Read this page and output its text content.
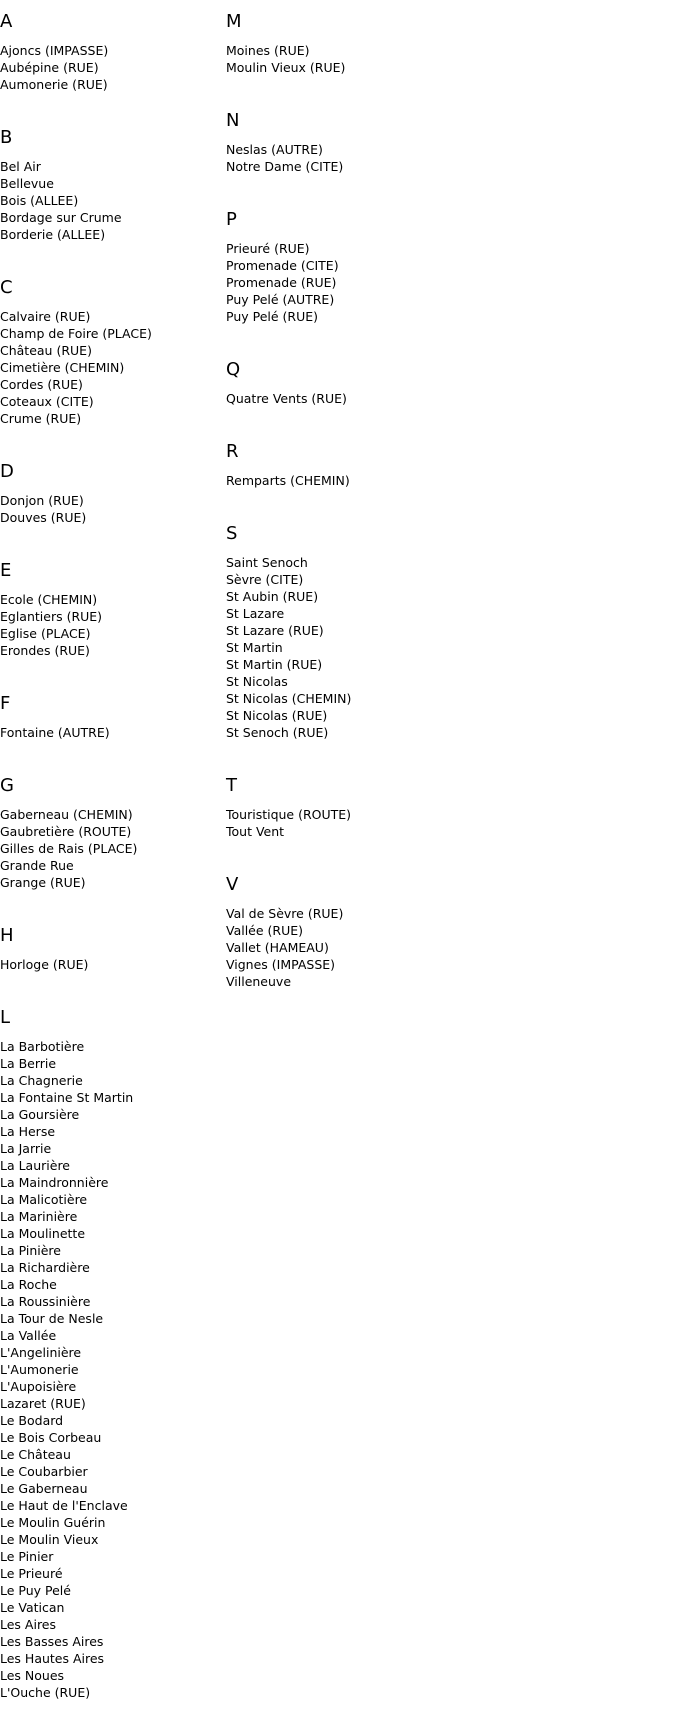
A
Ajoncs (IMPASSE)
Aubépine (RUE)
Aumonerie (RUE)
B
Bel Air
Bellevue
Bois (ALLEE)
Bordage sur Crume
Borderie (ALLEE)
C
Calvaire (RUE)
Champ de Foire (PLACE)
Château (RUE)
Cimetière (CHEMIN)
Cordes (RUE)
Coteaux (CITE)
Crume (RUE)
D
Donjon (RUE)
Douves (RUE)
E
Ecole (CHEMIN)
Eglantiers (RUE)
Eglise (PLACE)
Erondes (RUE)
F
Fontaine (AUTRE)
G
Gaberneau (CHEMIN)
Gaubretière (ROUTE)
Gilles de Rais (PLACE)
Grande Rue
Grange (RUE)
H
Horloge (RUE)
L
La Barbotière
La Berrie
La Chagnerie
La Fontaine St Martin
La Goursière
La Herse
La Jarrie
La Laurière
La Maindronnière
La Malicotière
La Marinière
La Moulinette
La Pinière
La Richardière
La Roche
La Roussinière
La Tour de Nesle
La Vallée
L'Angelinière
L'Aumonerie
L'Aupoisière
Lazaret (RUE)
Le Bodard
Le Bois Corbeau
Le Château
Le Coubarbier
Le Gaberneau
Le Haut de l'Enclave
Le Moulin Guérin
Le Moulin Vieux
Le Pinier
Le Prieuré
Le Puy Pelé
Le Vatican
Les Aires
Les Basses Aires
Les Hautes Aires
Les Noues
L'Ouche (RUE)
M
Moines (RUE)
Moulin Vieux (RUE)
N
Neslas (AUTRE)
Notre Dame (CITE)
P
Prieuré (RUE)
Promenade (CITE)
Promenade (RUE)
Puy Pelé (AUTRE)
Puy Pelé (RUE)
Q
Quatre Vents (RUE)
R
Remparts (CHEMIN)
S
Saint Senoch
Sèvre (CITE)
St Aubin (RUE)
St Lazare
St Lazare (RUE)
St Martin
St Martin (RUE)
St Nicolas
St Nicolas (CHEMIN)
St Nicolas (RUE)
St Senoch (RUE)
T
Touristique (ROUTE)
Tout Vent
V
Val de Sèvre (RUE)
Vallée (RUE)
Vallet (HAMEAU)
Vignes (IMPASSE)
Villeneuve
